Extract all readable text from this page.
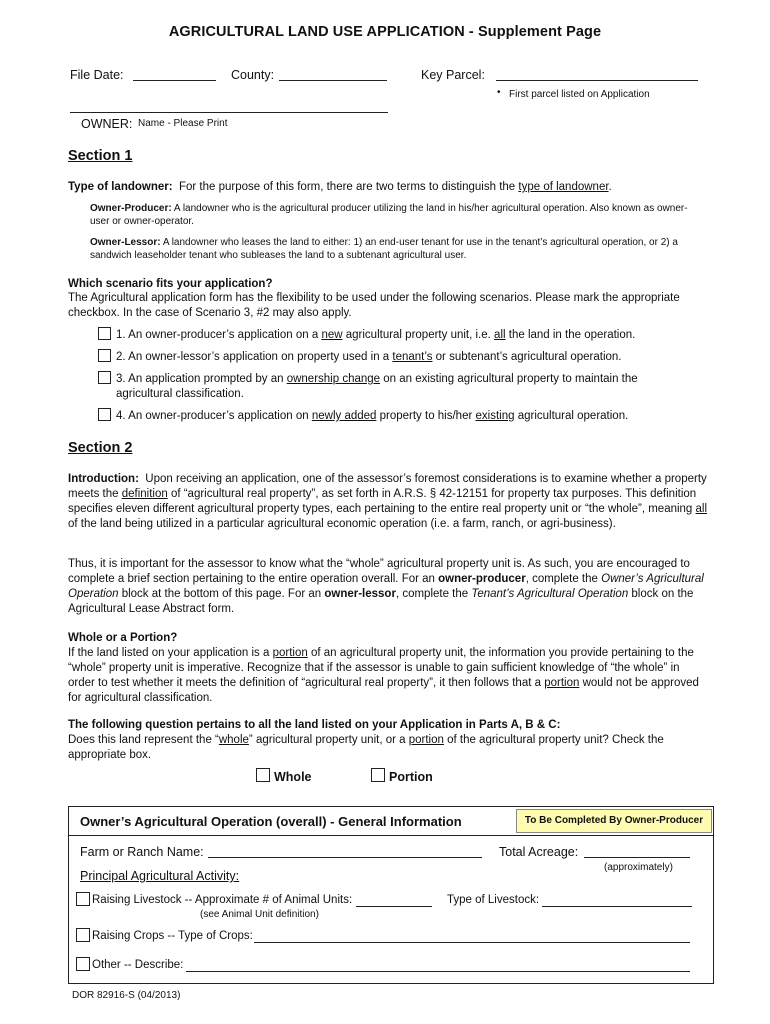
AGRICULTURAL LAND USE APPLICATION - Supplement Page
File Date:	County:	Key Parcel:
• First parcel listed on Application
OWNER: Name - Please Print
Section 1
Type of landowner: For the purpose of this form, there are two terms to distinguish the type of landowner.
Owner-Producer: A landowner who is the agricultural producer utilizing the land in his/her agricultural operation. Also known as owner-user or owner-operator.
Owner-Lessor: A landowner who leases the land to either: 1) an end-user tenant for use in the tenant’s agricultural operation, or 2) a sandwich leaseholder tenant who subleases the land to a subtenant agricultural user.
Which scenario fits your application?
The Agricultural application form has the flexibility to be used under the following scenarios. Please mark the appropriate checkbox. In the case of Scenario 3, #2 may also apply.
1. An owner-producer’s application on a new agricultural property unit, i.e. all the land in the operation.
2. An owner-lessor’s application on property used in a tenant’s or subtenant’s agricultural operation.
3. An application prompted by an ownership change on an existing agricultural property to maintain the agricultural classification.
4. An owner-producer’s application on newly added property to his/her existing agricultural operation.
Section 2
Introduction: Upon receiving an application, one of the assessor’s foremost considerations is to examine whether a property meets the definition of “agricultural real property”, as set forth in A.R.S. § 42-12151 for property tax purposes. This definition specifies eleven different agricultural property types, each pertaining to the entire real property unit or “the whole”, meaning all of the land being utilized in a particular agricultural economic operation (i.e. a farm, ranch, or agri-business).
Thus, it is important for the assessor to know what the “whole” agricultural property unit is. As such, you are encouraged to complete a brief section pertaining to the entire operation overall. For an owner-producer, complete the Owner’s Agricultural Operation block at the bottom of this page. For an owner-lessor, complete the Tenant’s Agricultural Operation block on the Agricultural Lease Abstract form.
Whole or a Portion?
If the land listed on your application is a portion of an agricultural property unit, the information you provide pertaining to the “whole” property unit is imperative. Recognize that if the assessor is unable to gain sufficient knowledge of “the whole” in order to test whether it meets the definition of “agricultural real property”, it then follows that a portion would not be approved for agricultural classification.
The following question pertains to all the land listed on your Application in Parts A, B & C:
Does this land represent the “whole” agricultural property unit, or a portion of the agricultural property unit? Check the appropriate box.
Whole	Portion
Owner’s Agricultural Operation (overall) - General Information	To Be Completed By Owner-Producer
Farm or Ranch Name:	Total Acreage:
(approximately)
Principal Agricultural Activity:
Raising Livestock -- Approximate # of Animal Units:	Type of Livestock:
(see Animal Unit definition)
Raising Crops -- Type of Crops:
Other -- Describe:
DOR 82916-S (04/2013)
